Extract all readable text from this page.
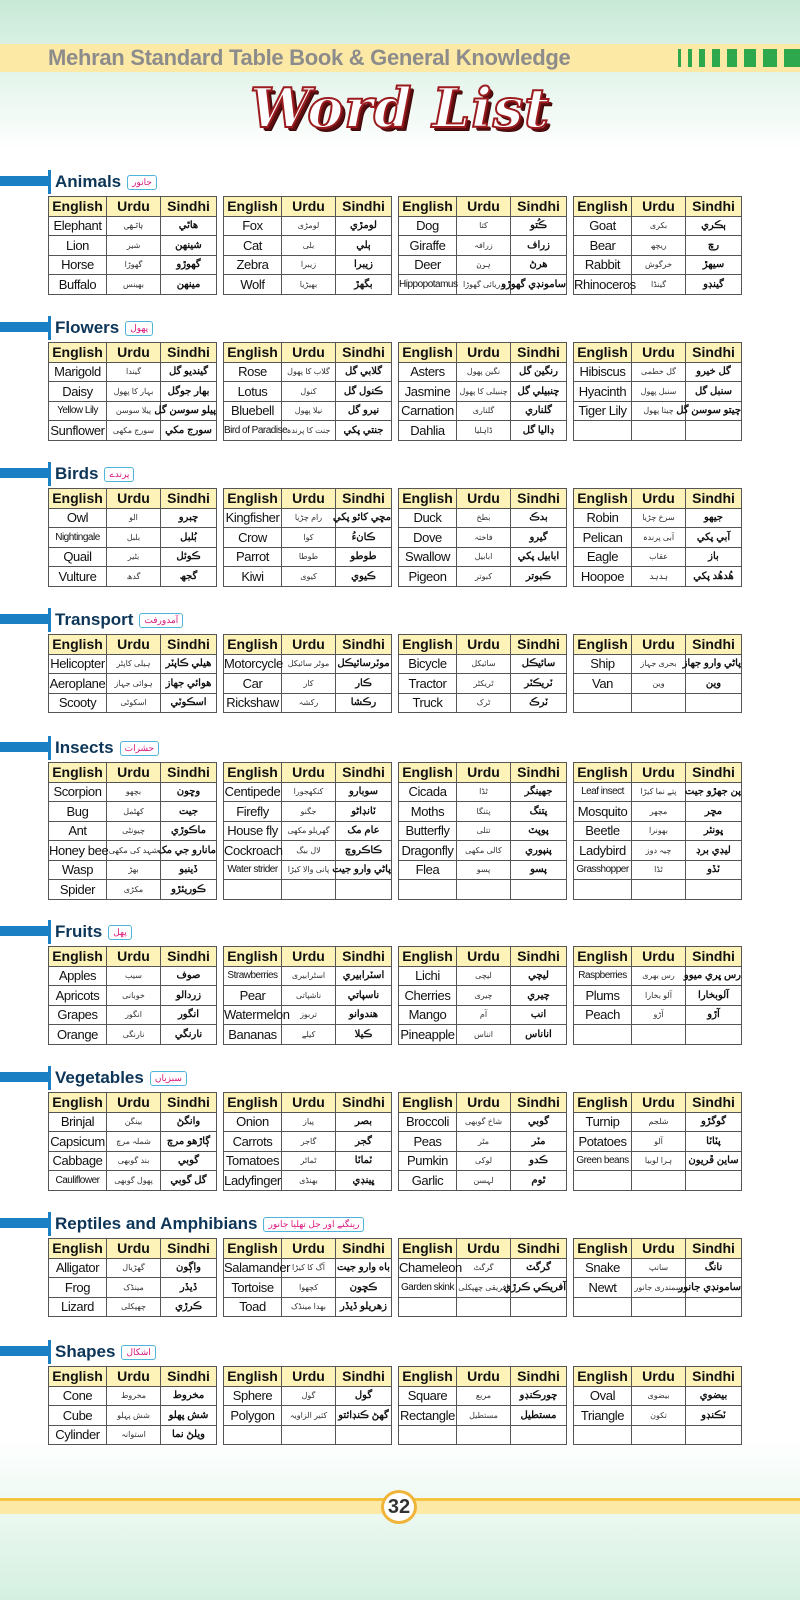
Mehran Standard Table Book & General Knowledge
Word List
Animals	جانور
English	Urdu	Sindhi
Elephant	ہاتھی	هاٿي
Lion	شیر	شينهن
Horse	گھوڑا	گهوڙو
Buffalo	بھینس	مينهن
English	Urdu	Sindhi
Fox	لومڑی	لومڙي
Cat	بلی	ٻلي
Zebra	زیبرا	زيبرا
Wolf	بھیڑیا	بگهڙ
English	Urdu	Sindhi
Dog	کتا	ڪُتو
Giraffe	زرافہ	زراف
Deer	ہرن	هرڻ
Hippopotamus	دریائی گھوڑا	سامونڊي گهوڙو
English	Urdu	Sindhi
Goat	بکری	ٻڪري
Bear	ریچھ	رڇ
Rabbit	خرگوش	سيهڙ
Rhinoceros	گینڈا	گينڊو
Flowers	پھول
English	Urdu	Sindhi
Marigold	گیندا	گينديو گل
Daisy	بہار کا پھول	بهار جوگل
Yellow Lily	پیلا سوسن	پيلو سوسن گل
Sunflower	سورج مکھی	سورج مکي
English	Urdu	Sindhi
Rose	گلاب کا پھول	گلابي گل
Lotus	کنول	ڪنول گل
Bluebell	نیلا پھول	نيرو گل
Bird of Paradise	جنت کا پرندہ	جنتي پکي
English	Urdu	Sindhi
Asters	نگین پھول	رنگين گل
Jasmine	چنبیلی کا پھول	چنبيلي گل
Carnation	گلناری	گلناري
Dahlia	ڈاہلیا	ڊاليا گل
English	Urdu	Sindhi
Hibiscus	گل خطمی	گل خيرو
Hyacinth	سنبل پھول	سنبل گل
Tiger Lily	چیتا پھول	چيتو سوسن گل

Birds	پرندے
English	Urdu	Sindhi
Owl	الو	چبرو
Nightingale	بلبل	بُلبل
Quail	بٹیر	ڪوئل
Vulture	گدھ	گجھ
English	Urdu	Sindhi
Kingfisher	رام چڑیا	مڇي کائو پکي
Crow	کوا	ڪانءُ
Parrot	طوطا	طوطو
Kiwi	کیوی	ڪيوي
English	Urdu	Sindhi
Duck	بطخ	بدڪ
Dove	فاختہ	گيرو
Swallow	ابابیل	ابابيل پکي
Pigeon	کبوتر	ڪبوتر
English	Urdu	Sindhi
Robin	سرخ چڑیا	جيهو
Pelican	آبی پرندہ	آبي پکي
Eagle	عقاب	باز
Hoopoe	ہدہد	هُدهُد پکي
Transport	آمدورفت
English	Urdu	Sindhi
Helicopter	ہیلی کاپٹر	هيلي ڪاپٽر
Aeroplane	ہوائی جہاز	هوائي جهاز
Scooty	اسکوٹی	اسڪوٽي
English	Urdu	Sindhi
Motorcycle	موٹر سائیکل	موٽرسائيڪل
Car	کار	ڪار
Rickshaw	رکشہ	رڪشا
English	Urdu	Sindhi
Bicycle	سائیکل	سائيڪل
Tractor	ٹریکٹر	ٽريڪٽر
Truck	ٹرک	ٽرڪ
English	Urdu	Sindhi
Ship	بحری جہاز	پاڻي وارو جهاز
Van	وین	وين

Insects	حشرات
English	Urdu	Sindhi
Scorpion	بچھو	وڇون
Bug	کھٹمل	جيت
Ant	چیونٹی	ماڪوڙي
Honey bee	شہد کی مکھی	مانارو جي مک
Wasp	بھڑ	ڏينبو
Spider	مکڑی	ڪوريئڙو
English	Urdu	Sindhi
Centipede	کنکھجورا	سوبارو
Firefly	جگنو	ٽانڊاڻو
House fly	گھریلو مکھی	عام مک
Cockroach	لال بیگ	ڪاڪروچ
Water strider	پانی والا کیڑا	پاڻي وارو جيت

English	Urdu	Sindhi
Cicada	ٹڈا	جهينگر
Moths	پتنگا	پتنگ
Butterfly	تتلی	پوپٽ
Dragonfly	کالی مکھی	پنپوري
Flea	پسو	پسو

English	Urdu	Sindhi
Leaf insect	پتے نما کیڑا	پن جهڙو جيت
Mosquito	مچھر	مڇر
Beetle	بھونرا	ڀونئر
Ladybird	چیہ دوز	ليڊي برڊ
Grasshopper	ٹڈا	ٽڏو

Fruits	پھل
English	Urdu	Sindhi
Apples	سیب	صوف
Apricots	خوبانی	زردالو
Grapes	انگور	انگور
Orange	نارنگی	نارنگي
English	Urdu	Sindhi
Strawberries	اسٹرابیری	اسٽرابيري
Pear	ناشپاتی	ناسپاتي
Watermelon	تربوز	هندوانو
Bananas	کیلے	ڪيلا
English	Urdu	Sindhi
Lichi	لیچی	ليچي
Cherries	چیری	چيري
Mango	آم	انب
Pineapple	انناس	اناناس
English	Urdu	Sindhi
Raspberries	رس بھری	رس ڀري ميوو
Plums	آلو بخارا	آلوبخارا
Peach	آڑو	آڙو

Vegetables	سبزیاں
English	Urdu	Sindhi
Brinjal	بینگن	وانگڻ
Capsicum	شملہ مرچ	ڳاڙهو مرچ
Cabbage	بند گوبھی	گوبي
Cauliflower	پھول گوبھی	گل گوبي
English	Urdu	Sindhi
Onion	پیاز	بصر
Carrots	گاجر	گجر
Tomatoes	ٹماٹر	ٽماٽا
Ladyfinger	بھنڈی	ڀينڊي
English	Urdu	Sindhi
Broccoli	شاخ گوبھی	گوبي
Peas	مٹر	مٽر
Pumkin	لوکی	ڪدو
Garlic	لہسن	ٿوم
English	Urdu	Sindhi
Turnip	شلجم	گوگڙو
Potatoes	آلو	پٽاٽا
Green beans	ہرا لوبیا	ساين ڦريون

Reptiles and Amphibians	رینگنے اور جل تھلیا جانور
English	Urdu	Sindhi
Alligator	گھڑیال	واڳون
Frog	مینڈک	ڏيڏر
Lizard	چھپکلی	ڪرڙي
English	Urdu	Sindhi
Salamander	آگ کا کیڑا	باه وارو جيت
Tortoise	کچھوا	ڪڇون
Toad	بھدا مینڈک	زهريلو ڏيڏر
English	Urdu	Sindhi
Chameleon	گرگٹ	گرگٽ
Garden skink	افریقی چھپکلی	آفريڪي ڪرڙي

English	Urdu	Sindhi
Snake	سانپ	نانگ
Newt	سمندری جانور	سامونڊي جانور

Shapes	اشکال
English	Urdu	Sindhi
Cone	مخروط	مخروط
Cube	شش پہلو	شش پهلو
Cylinder	استوانہ	ويلڻ نما
English	Urdu	Sindhi
Sphere	گول	گول
Polygon	کثیر الزاویہ	گهڻ ڪنڊائتو

English	Urdu	Sindhi
Square	مربع	چورڪنڊو
Rectangle	مستطیل	مستطيل

English	Urdu	Sindhi
Oval	بیضوی	بيضوي
Triangle	تکون	ٽڪنڊو

32
